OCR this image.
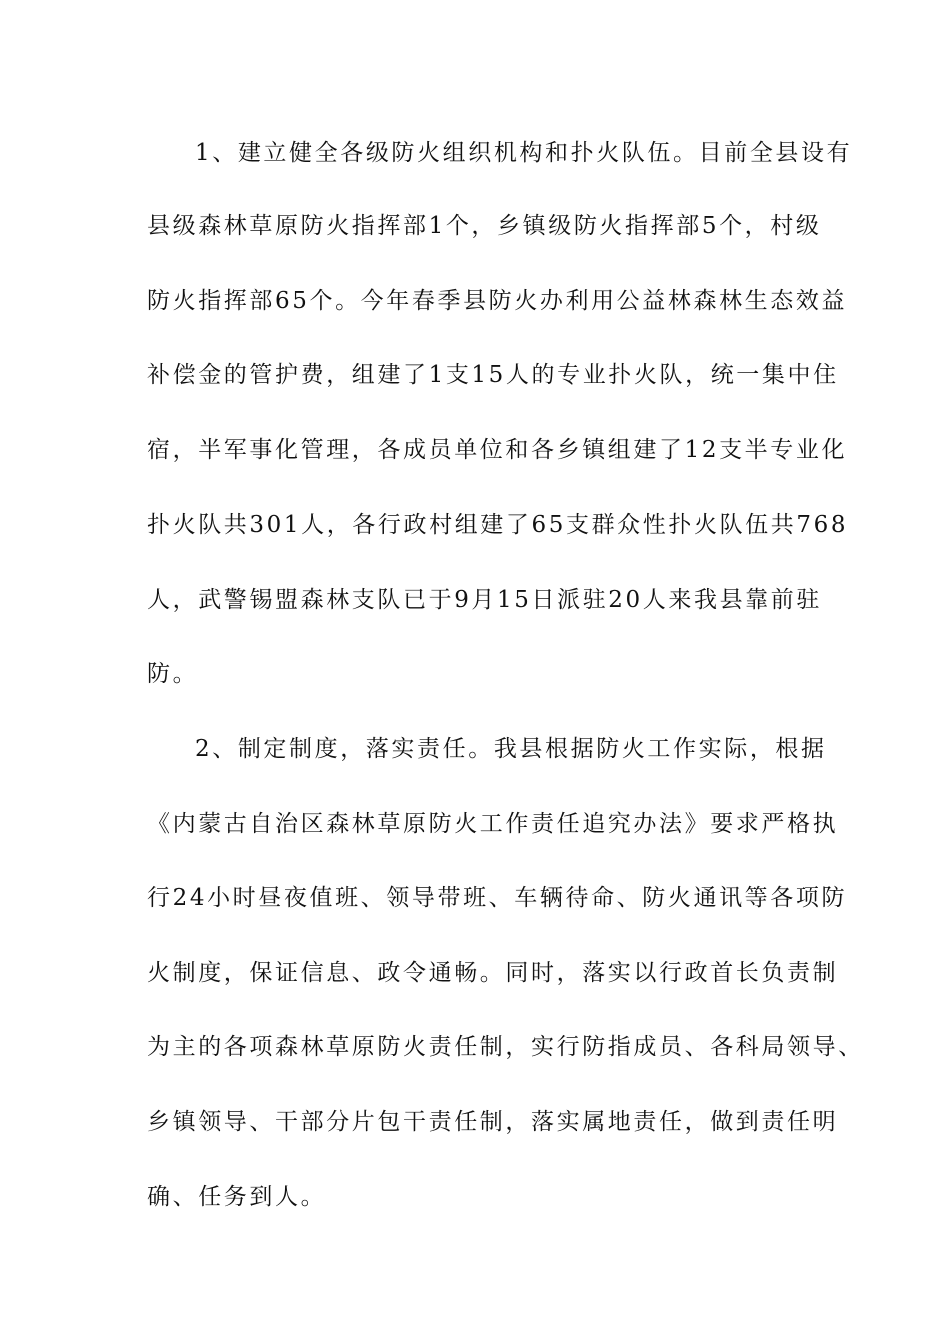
1、建立健全各级防火组织机构和扑火队伍。目前全县设有
县级森林草原防火指挥部1个，乡镇级防火指挥部5个，村级
防火指挥部65个。今年春季县防火办利用公益林森林生态效益
补偿金的管护费，组建了1支15人的专业扑火队，统一集中住
宿，半军事化管理，各成员单位和各乡镇组建了12支半专业化
扑火队共301人，各行政村组建了65支群众性扑火队伍共768
人，武警锡盟森林支队已于9月15日派驻20人来我县靠前驻
防。
2、制定制度，落实责任。我县根据防火工作实际，根据
《内蒙古自治区森林草原防火工作责任追究办法》要求严格执
行24小时昼夜值班、领导带班、车辆待命、防火通讯等各项防
火制度，保证信息、政令通畅。同时，落实以行政首长负责制
为主的各项森林草原防火责任制，实行防指成员、各科局领导、
乡镇领导、干部分片包干责任制，落实属地责任，做到责任明
确、任务到人。
